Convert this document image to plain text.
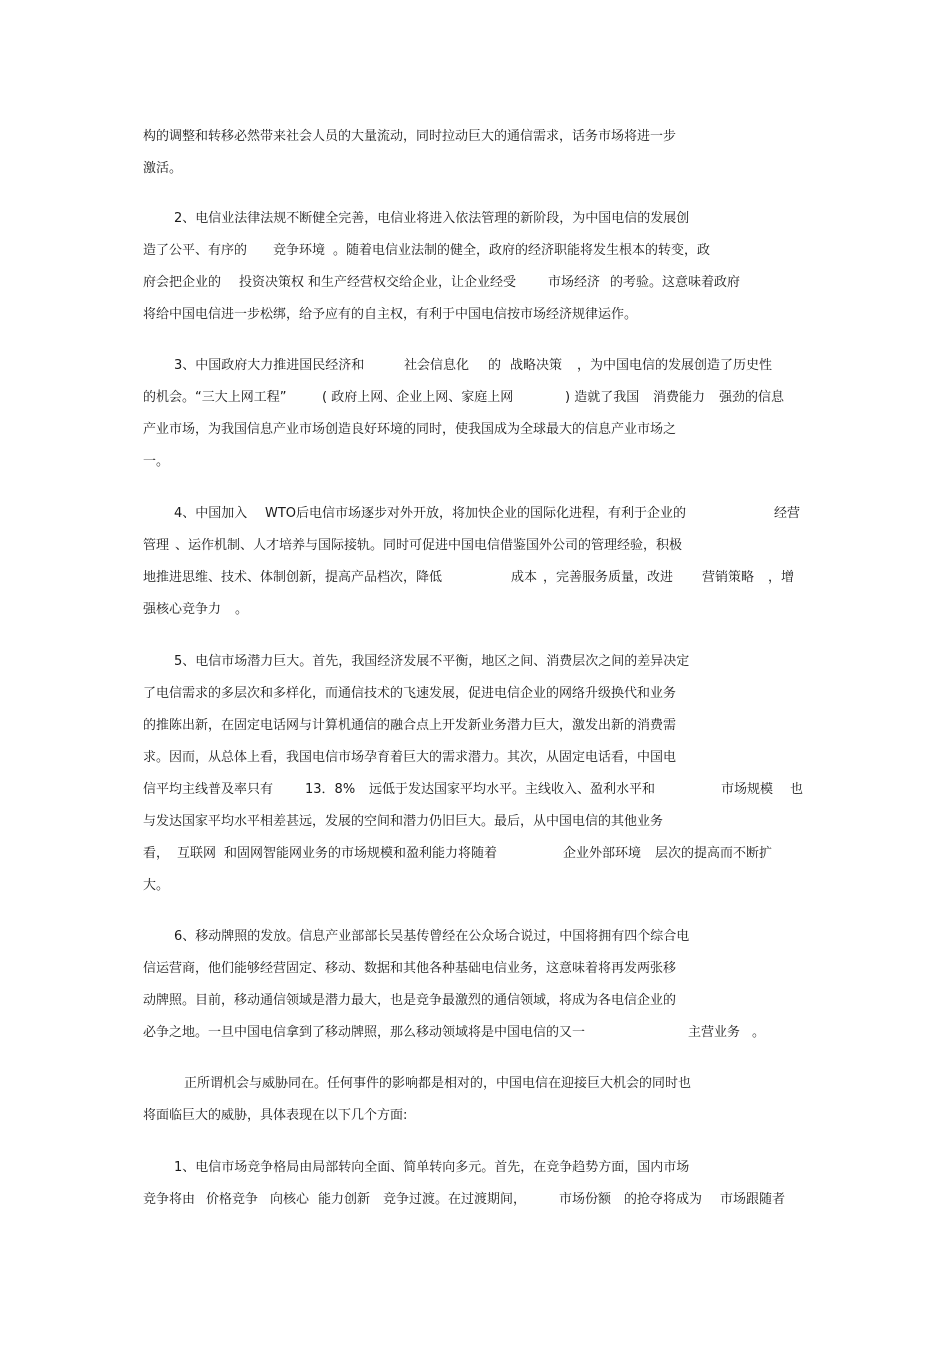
构的调整和转移必然带来社会人员的大量流动，同时拉动巨大的通信需求，话务市场将进一步
激活。
2、电信业法律法规不断健全完善，电信业将进入依法管理的新阶段，为中国电信的发展创
造了公平、有序的 竞争环境 。随着电信业法制的健全，政府的经济职能将发生根本的转变，政
府会把企业的 投资决策权 和生产经营权交给企业，让企业经受 市场经济 的考验。这意味着政府
将给中国电信进一步松绑，给予应有的自主权，有利于中国电信按市场经济规律运作。
3、中国政府大力推进国民经济和	社会信息化 的 战略决策 ，为中国电信的发展创造了历史性
的机会。“三大上网工程”	( 政府上网、企业上网、家庭上网	) 造就了我国 消费能力 强劲的信息
产业市场，为我国信息产业市场创造良好环境的同时，使我国成为全球最大的信息产业市场之
一。
4、中国加入 WTO后电信市场逐步对外开放，将加快企业的国际化进程，有利于企业的	经营
管理 、运作机制、人才培养与国际接轨。同时可促进中国电信借鉴国外公司的管理经验，积极
地推进思维、技术、体制创新，提高产品档次，降低	成本 ，完善服务质量，改进 营销策略 ，增
强核心竞争力 。
5、电信市场潜力巨大。首先，我国经济发展不平衡，地区之间、消费层次之间的差异决定
了电信需求的多层次和多样化，而通信技术的飞速发展，促进电信企业的网络升级换代和业务
的推陈出新，在固定电话网与计算机通信的融合点上开发新业务潜力巨大，激发出新的消费需
求。因而，从总体上看，我国电信市场孕育着巨大的需求潜力。其次，从固定电话看，中国电
信平均主线普及率只有 13．8% 远低于发达国家平均水平。主线收入、盈利水平和	市场规模 也
与发达国家平均水平相差甚远，发展的空间和潜力仍旧巨大。最后，从中国电信的其他业务
看， 互联网 和固网智能网业务的市场规模和盈利能力将随着	企业外部环境 层次的提高而不断扩
大。
6、移动牌照的发放。信息产业部部长吴基传曾经在公众场合说过，中国将拥有四个综合电
信运营商，他们能够经营固定、移动、数据和其他各种基础电信业务，这意味着将再发两张移
动牌照。目前，移动通信领域是潜力最大，也是竞争最激烈的通信领域，将成为各电信企业的
必争之地。一旦中国电信拿到了移动牌照，那么移动领域将是中国电信的又一	主营业务 。
正所谓机会与威胁同在。任何事件的影响都是相对的，中国电信在迎接巨大机会的同时也
将面临巨大的威胁，具体表现在以下几个方面:
1、电信市场竞争格局由局部转向全面、简单转向多元。首先，在竞争趋势方面，国内市场
竞争将由 价格竞争 向核心 能力创新 竞争过渡。在过渡期间，	市场份额 的抢夺将成为 市场跟随者
